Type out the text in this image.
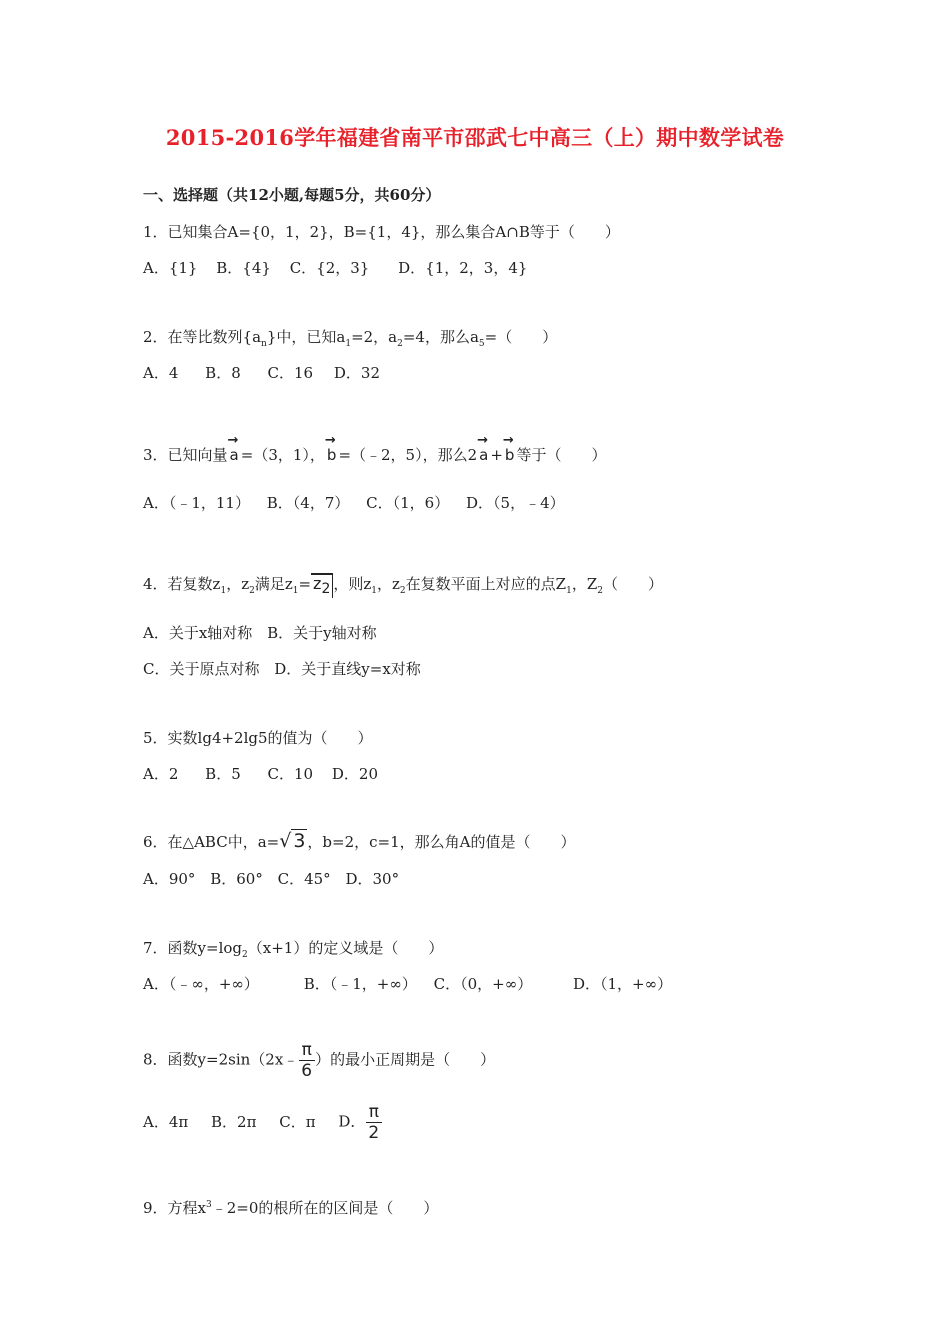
2015-2016学年福建省南平市邵武七中高三（上）期中数学试卷
一、选择题（共12小题,每题5分，共60分）
1．已知集合A={0，1，2}，B={1，4}，那么集合A∩B等于（　　）
A．{1} B．{4} C．{2，3} D．{1，2，3，4}
2．在等比数列$\{a_n\}$中，已知$a_1=2$，$a_2=4$，那么$a_5=$（　　）
A．4 B．8 C．16 D．32
3．已知向量 → a =（3，1）， → b =（﹣2，5），那么2 → a + → b 等于（　　）
A．（﹣1，11） B．（4，7） C．（1，6） D．（5，﹣4）
4．若复数$z_1$，$z_2$满足$z_1= z_2$ ，则$z_1$，$z_2$在复数平面上对应的点$Z_1$，$Z_2$（　　）
A．关于x轴对称 B．关于y轴对称
C．关于原点对称 D．关于直线y=x对称
5．实数lg4+2lg5的值为（　　）
A．2 B．5 C．10 D．20
6．在△ABC中，a=√ 3 ，b=2，c=1，那么角A的值是（　　）
A．90° B．60° C．45° D．30°
7．函数$y=\log_2(x+1)$的定义域是（　　）
A．（﹣∞，+∞）	B．（﹣1，+∞） C．（0，+∞）	D．（1，+∞）
8．函数y=2sin（2x﹣ $\frac{\pi}{6}$ ）的最小正周期是（　　）
A．4π B．2π C．π D． $\frac{\pi}{2}$
9．方程$x^3﹣2=0$的根所在的区间是（　　）
